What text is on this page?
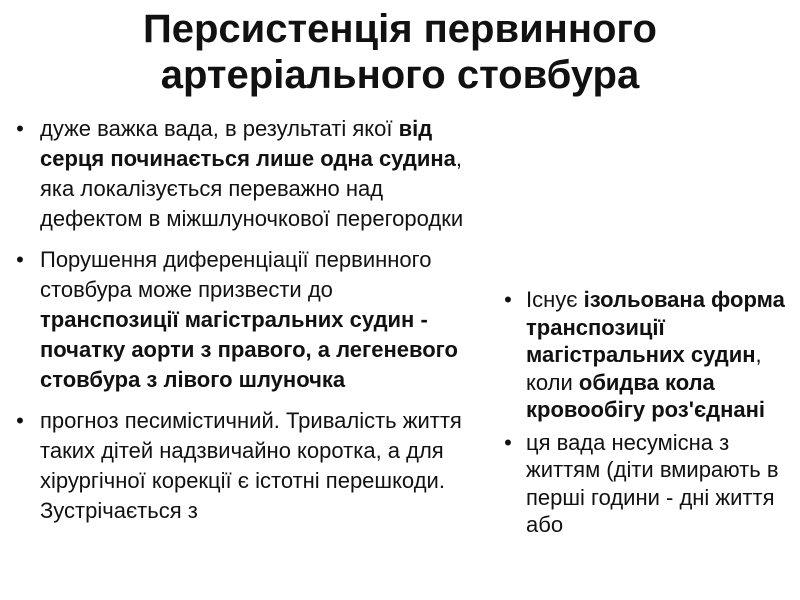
Персистенція первинного
артеріального стовбура
• дуже важка вада, в результаті якої від серця починається лише одна судина, яка локалізується переважно над дефектом в міжшлуночкової перегородки
• Порушення диференціації первинного стовбура може призвести до транспозиції магістральних судин - початку аорти з правого, а легеневого стовбура з лівого шлуночка
• прогноз песимістичний. Тривалість життя таких дітей надзвичайно коротка, а для хірургічної корекції є істотні перешкоди. Зустрічається з
• Існує ізольована форма транспозиції магістральних судин, коли обидва кола кровообігу роз'єднані
• ця вада несумісна з життям (діти вмирають в перші години - дні життя або
